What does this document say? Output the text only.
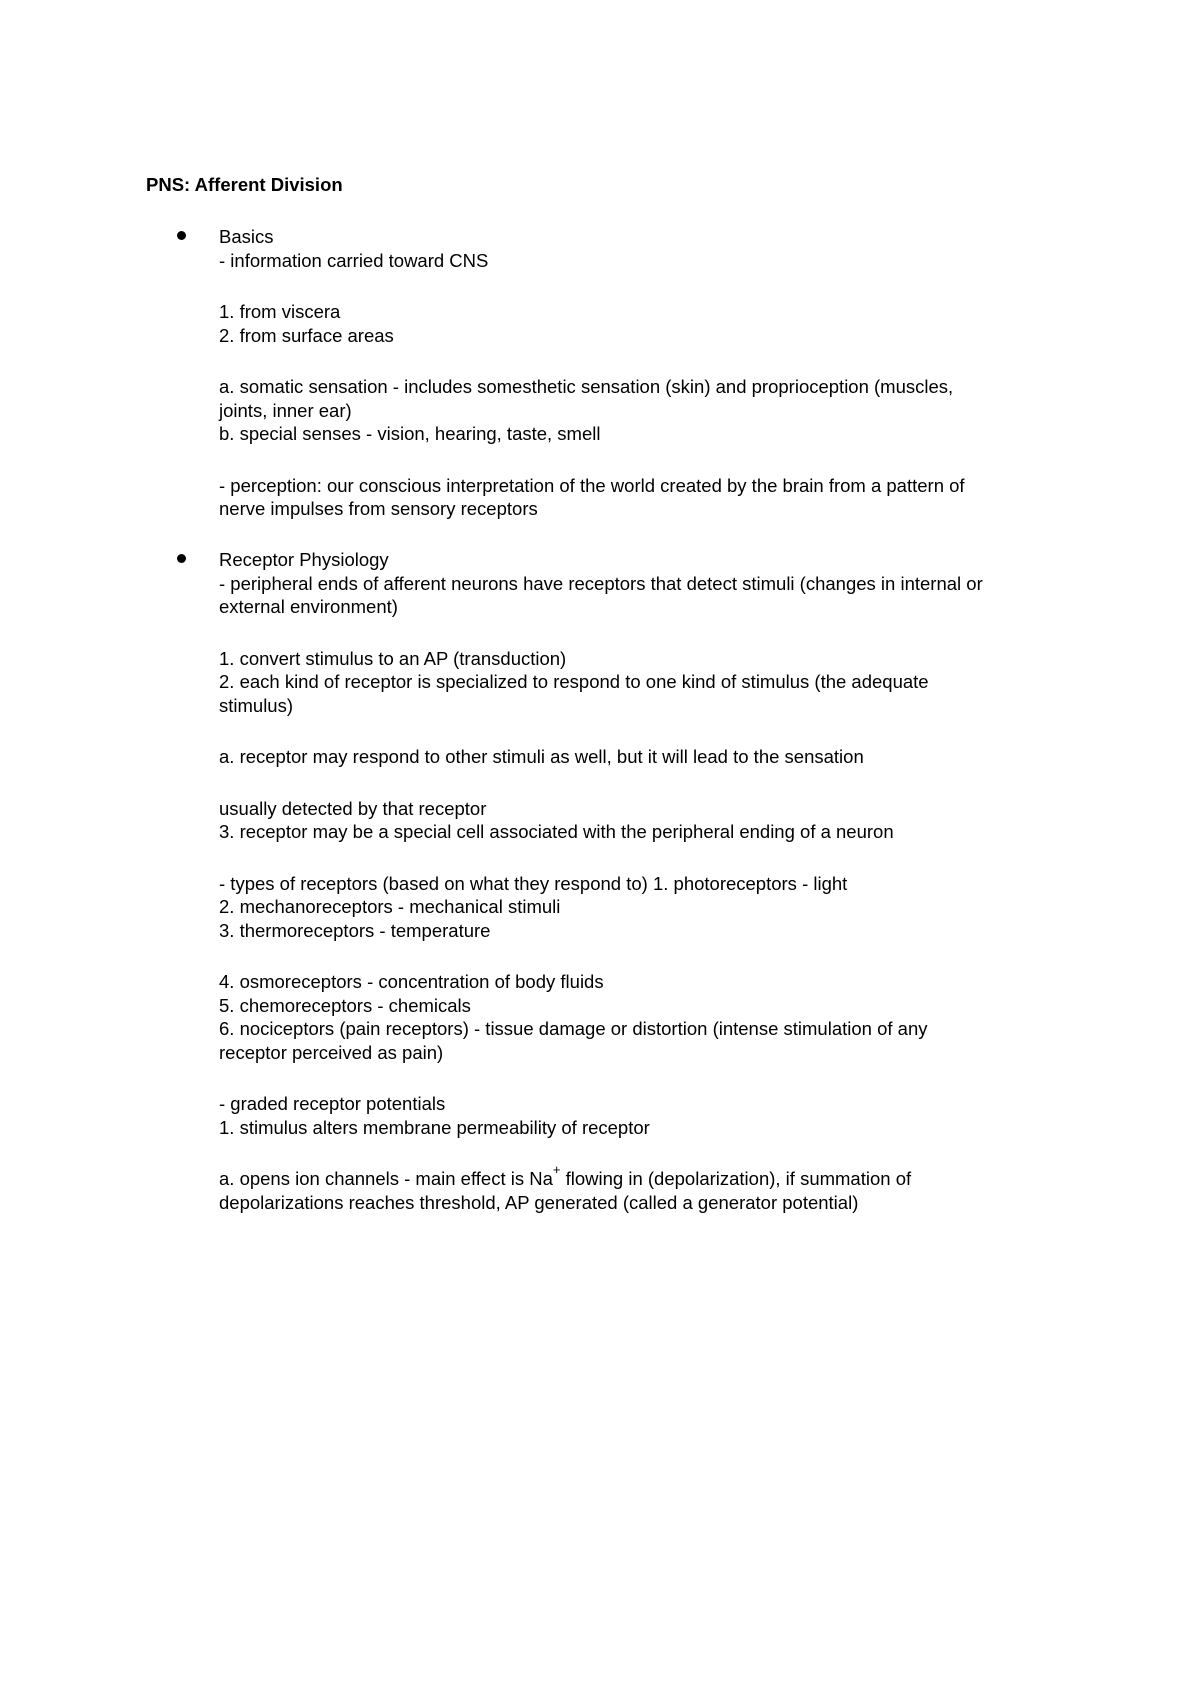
PNS: Afferent Division

Basics
- information carried toward CNS

1. from viscera
2. from surface areas

a. somatic sensation - includes somesthetic sensation (skin) and proprioception (muscles,
joints, inner ear)
b. special senses - vision, hearing, taste, smell

- perception: our conscious interpretation of the world created by the brain from a pattern of
nerve impulses from sensory receptors

Receptor Physiology
- peripheral ends of afferent neurons have receptors that detect stimuli (changes in internal or
external environment)

1. convert stimulus to an AP (transduction)
2. each kind of receptor is specialized to respond to one kind of stimulus (the adequate
stimulus)

a. receptor may respond to other stimuli as well, but it will lead to the sensation

usually detected by that receptor
3. receptor may be a special cell associated with the peripheral ending of a neuron

- types of receptors (based on what they respond to) 1. photoreceptors - light
2. mechanoreceptors - mechanical stimuli
3. thermoreceptors - temperature

4. osmoreceptors - concentration of body fluids
5. chemoreceptors - chemicals
6. nociceptors (pain receptors) - tissue damage or distortion (intense stimulation of any
receptor perceived as pain)

- graded receptor potentials
1. stimulus alters membrane permeability of receptor

a. opens ion channels - main effect is Na+ flowing in (depolarization), if summation of
depolarizations reaches threshold, AP generated (called a generator potential)
